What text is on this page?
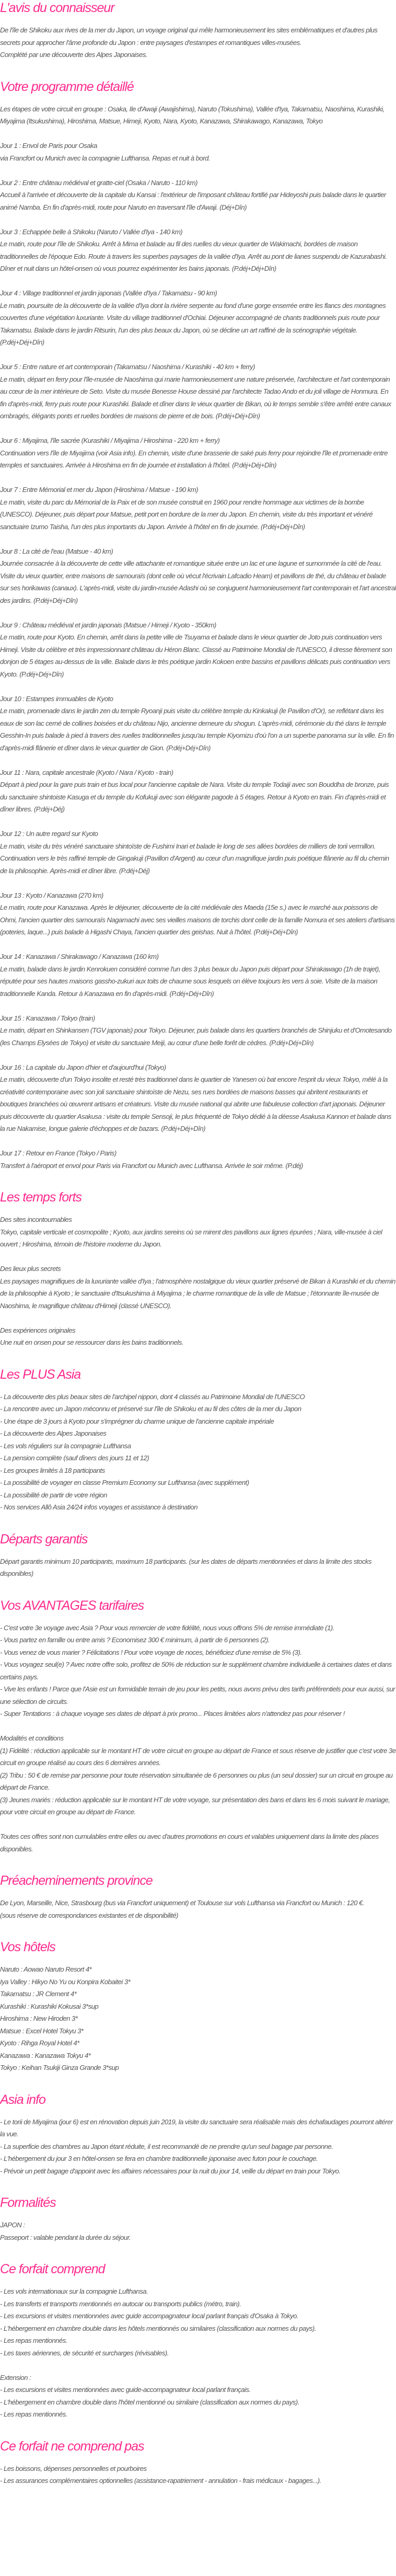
L'avis du connaisseur

De l'île de Shikoku aux rives de la mer du Japon, un voyage original qui mêle harmonieusement les sites emblématiques et d'autres plus secrets pour approcher l'âme profonde du Japon : entre paysages d'estampes et romantiques villes-musées.

Complété par une découverte des Alpes Japonaises.

Votre programme détaillé

Les étapes de votre circuit en groupe : Osaka, Ile d'Awaji (Awajishima), Naruto (Tokushima), Vallée d'Iya, Takamatsu, Naoshima, Kurashiki, Miyajima (Itsukushima), Hiroshima, Matsue, Himeji, Kyoto, Nara, Kyoto, Kanazawa, Shirakawago, Kanazawa, Tokyo

Jour 1 : Envol de Paris pour Osaka

via Francfort ou Munich avec la compagnie Lufthansa. Repas et nuit à bord.

Jour 2 : Entre château médiéval et gratte-ciel (Osaka / Naruto - 110 km)

Accueil à l'arrivée et découverte de la capitale du Kansai : l'extérieur de l'imposant château fortifié par Hideyoshi puis balade dans le quartier animé Namba. En fin d'après-midi, route pour Naruto en traversant l'île d'Awaji. (Déj+Dîn)

Jour 3 : Echappée belle à Shikoku (Naruto / Vallée d'Iya - 140 km)

Le matin, route pour l'île de Shikoku. Arrêt à Mima et balade au fil des ruelles du vieux quartier de Wakimachi, bordées de maison traditionnelles de l'époque Edo. Route à travers les superbes paysages de la vallée d'Iya. Arrêt au pont de lianes suspendu de Kazurabashi. Dîner et nuit dans un hôtel-onsen où vous pourrez expérimenter les bains japonais. (P.déj+Déj+Dîn)

Jour 4 : Village traditionnel et jardin japonais (Vallée d'Iya / Takamatsu - 90 km)

Le matin, poursuite de la découverte de la vallée d'Iya dont la rivière serpente au fond d'une gorge enserrée entre les flancs des montagnes couvertes d'une végétation luxuriante. Visite du village traditionnel d'Ochiai. Déjeuner accompagné de chants traditionnels puis route pour Takamatsu. Balade dans le jardin Ritsurin, l'un des plus beaux du Japon, où se décline un art raffiné de la scénographie végétale. (P.déj+Déj+Dîn)

Jour 5 : Entre nature et art contemporain (Takamatsu / Naoshima / Kurashiki - 40 km + ferry)

Le matin, départ en ferry pour l'île-musée de Naoshima qui marie harmonieusement une nature préservée, l'architecture et l'art contemporain au cœur de la mer intérieure de Seto. Visite du musée Benesse House dessiné par l'architecte Tadao Ando et du joli village de Honmura. En fin d'après-midi, ferry puis route pour Kurashiki. Balade et dîner dans le vieux quartier de Bikan, où le temps semble s'être arrêté entre canaux ombragés, élégants ponts et ruelles bordées de maisons de pierre et de bois. (P.déj+Déj+Dîn)

Jour 6 : Miyajima, l'île sacrée (Kurashiki / Miyajima / Hiroshima - 220 km + ferry)

Continuation vers l'île de Miyajima (voir Asia info). En chemin, visite d'une brasserie de saké puis ferry pour rejoindre l'île et promenade entre temples et sanctuaires. Arrivée à Hiroshima en fin de journée et installation à l'hôtel. (P.déj+Déj+Dîn)

Jour 7 : Entre Mémorial et mer du Japon (Hiroshima / Matsue - 190 km)

Le matin, visite du parc du Mémorial de la Paix et de son musée construit en 1960 pour rendre hommage aux victimes de la bombe (UNESCO). Déjeuner, puis départ pour Matsue, petit port en bordure de la mer du Japon. En chemin, visite du très important et vénéré sanctuaire Izumo Taisha, l'un des plus importants du Japon. Arrivée à l'hôtel en fin de journée. (P.déj+Déj+Dîn)

Jour 8 : La cité de l'eau (Matsue - 40 km)

Journée consacrée à la découverte de cette ville attachante et romantique située entre un lac et une lagune et surnommée la cité de l'eau. Visite du vieux quartier, entre maisons de samouraïs (dont celle où vécut l'écrivain Lafcadio Hearn) et pavillons de thé, du château et balade sur ses horikawas (canaux). L'après-midi, visite du jardin-musée Adashi où se conjuguent harmonieusement l'art contemporain et l'art ancestral des jardins. (P.déj+Déj+Dîn)

Jour 9 : Château médiéval et jardin japonais (Matsue / Himeji / Kyoto - 350km)

Le matin, route pour Kyoto. En chemin, arrêt dans la petite ville de Tsuyama et balade dans le vieux quartier de Joto puis continuation vers Himeji. Visite du célèbre et très impressionnant château du Héron Blanc. Classé au Patrimoine Mondial de l'UNESCO, il dresse fièrement son donjon de 5 étages au-dessus de la ville. Balade dans le très poétique jardin Kokoen entre bassins et pavillons délicats puis continuation vers Kyoto. (P.déj+Déj+Dîn)

Jour 10 : Estampes immuables de Kyoto

Le matin, promenade dans le jardin zen du temple Ryoanji puis visite du célèbre temple du Kinkakuji (le Pavillon d'Or), se reflétant dans les eaux de son lac cerné de collines boisées et du château Nijo, ancienne demeure du shogun. L'après-midi, cérémonie du thé dans le temple Gesshin-In puis balade à pied à travers des ruelles traditionnelles jusqu'au temple Kiyomizu d'où l'on a un superbe panorama sur la ville. En fin d'après-midi flânerie et dîner dans le vieux quartier de Gion. (P.déj+Déj+Dîn)

Jour 11 : Nara, capitale ancestrale (Kyoto / Nara / Kyoto - train)

Départ à pied pour la gare puis train et bus local pour l'ancienne capitale de Nara. Visite du temple Todaiji avec son Bouddha de bronze, puis du sanctuaire shintoiste Kasuga et du temple du Kofukuji avec son élégante pagode à 5 étages. Retour à Kyoto en train. Fin d'après-midi et dîner libres. (P.déj+Déj)

Jour 12 : Un autre regard sur Kyoto

Le matin, visite du très vénéré sanctuaire shintoïste de Fushimi Inari et balade le long de ses allées bordées de milliers de torii vermillon. Continuation vers le très raffiné temple de Gingakuji (Pavillon d'Argent) au cœur d'un magnifique jardin puis poétique flânerie au fil du chemin de la philosophie. Après-midi et dîner libre. (P.déj+Déj)

Jour 13 : Kyoto / Kanazawa (270 km)

Le matin, route pour Kanazawa. Après le déjeuner, découverte de la cité médiévale des Maeda (15e s.) avec le marché aux poissons de Ohmi, l'ancien quartier des samouraïs Nagamachi avec ses vieilles maisons de torchis dont celle de la famille Nomura et ses ateliers d'artisans (poteries, laque...) puis balade à Higashi Chaya, l'ancien quartier des geishas. Nuit à l'hôtel. (P.déj+Déj+Dîn)

Jour 14 : Kanazawa / Shirakawago / Kanazawa (160 km)

Le matin, balade dans le jardin Kenrokuen considéré comme l'un des 3 plus beaux du Japon puis départ pour Shirakawago (1h de trajet), réputée pour ses hautes maisons gassho-zukuri aux toits de chaume sous lesquels on élève toujours les vers à soie. Visite de la maison traditionnelle Kanda. Retour à Kanazawa en fin d'après-midi. (P.déj+Déj+Dîn)

Jour 15 : Kanazawa / Tokyo (train)

Le matin, départ en Shinkansen (TGV japonais) pour Tokyo. Déjeuner, puis balade dans les quartiers branchés de Shinjuku et d'Omotesando (les Champs Elysées de Tokyo) et visite du sanctuaire Meiji, au cœur d'une belle forêt de cèdres. (P.déj+Déj+Dîn)

Jour 16 : La capitale du Japon d'hier et d'aujourd'hui (Tokyo)

Le matin, découverte d'un Tokyo insolite et resté très traditionnel dans le quartier de Yanesen où bat encore l'esprit du vieux Tokyo, mêlé à la créativité contemporaine avec son joli sanctuaire shintoïste de Nezu, ses rues bordées de maisons basses qui abritent restaurants et boutiques branchées où œuvrent artisans et créateurs. Visite du musée national qui abrite une fabuleuse collection d'art japonais. Déjeuner puis découverte du quartier Asakusa : visite du temple Sensoji, le plus fréquenté de Tokyo dédié à la déesse Asakusa Kannon et balade dans la rue Nakamise, longue galerie d'échoppes et de bazars. (P.déj+Déj+Dîn)

Jour 17 : Retour en France (Tokyo / Paris)

Transfert à l'aéroport et envol pour Paris via Francfort ou Munich avec Lufthansa. Arrivée le soir même. (P.déj)

Les temps forts

Des sites incontournables

Tokyo, capitale verticale et cosmopolite ; Kyoto, aux jardins sereins où se mirent des pavillons aux lignes épurées ; Nara, ville-musée à ciel ouvert ; Hiroshima, témoin de l'histoire moderne du Japon.

Des lieux plus secrets

Les paysages magnifiques de la luxuriante vallée d'Iya ; l'atmosphère nostalgique du vieux quartier préservé de Bikan à Kurashiki et du chemin de la philosophie à Kyoto ; le sanctuaire d'Itsukushima à Miyajima ; le charme romantique de la ville de Matsue ; l'étonnante île-musée de Naoshima, le magnifique château d'Himeji (classé UNESCO).

Des expériences originales

Une nuit en onsen pour se ressourcer dans les bains traditionnels.

Les PLUS Asia

- La découverte des plus beaux sites de l'archipel nippon, dont 4 classés au Patrimoine Mondial de l'UNESCO

- La rencontre avec un Japon méconnu et préservé sur l'île de Shikoku et au fil des côtes de la mer du Japon

- Une étape de 3 jours à Kyoto pour s'imprégner du charme unique de l'ancienne capitale impériale

- La découverte des Alpes Japonaises

- Les vols réguliers sur la compagnie Lufthansa

- La pension complète (sauf dîners des jours 11 et 12)

- Les groupes limités à 18 participants

- La possibilité de voyager en classe Premium Economy sur Lufthansa (avec supplément)

- La possibilité de partir de votre région

- Nos services Allô Asia 24/24 infos voyages et assistance à destination

Départs garantis

Départ garantis minimum 10 participants, maximum 18 participants. (sur les dates de départs mentionnées et dans la limite des stocks disponibles)

Vos AVANTAGES tarifaires

- C'est votre 3e voyage avec Asia ? Pour vous remercier de votre fidélité, nous vous offrons 5% de remise immédiate (1).

- Vous partez en famille ou entre amis ? Economisez 300 € minimum, à partir de 6 personnes (2).

- Vous venez de vous marier ? Félicitations ! Pour votre voyage de noces, bénéficiez d'une remise de 5% (3).

- Vous voyagez seul(e) ? Avec notre offre solo, profitez de 50% de réduction sur le supplément chambre individuelle à certaines dates et dans certains pays.

- Vive les enfants ! Parce que l'Asie est un formidable terrain de jeu pour les petits, nous avons prévu des tarifs préférentiels pour eux aussi, sur une sélection de circuits.

- Super Tentations : à chaque voyage ses dates de départ à prix promo... Places limitées alors n'attendez pas pour réserver !

Modalités et conditions

(1) Fidélité : réduction applicable sur le montant HT de votre circuit en groupe au départ de France et sous réserve de justifier que c'est votre 3e circuit en groupe réalisé au cours des 6 dernières années.

(2) Tribu : 50 € de remise par personne pour toute réservation simultanée de 6 personnes ou plus (un seul dossier) sur un circuit en groupe au départ de France.

(3) Jeunes mariés : réduction applicable sur le montant HT de votre voyage, sur présentation des bans et dans les 6 mois suivant le mariage, pour votre circuit en groupe au départ de France.

Toutes ces offres sont non cumulables entre elles ou avec d'autres promotions en cours et valables uniquement dans la limite des places disponibles.

Préacheminements province

De Lyon, Marseille, Nice, Strasbourg (bus via Francfort uniquement) et Toulouse sur vols Lufthansa via Francfort ou Munich : 120 €.

(sous réserve de correspondances existantes et de disponibilité)

Vos hôtels

Naruto : Aowao Naruto Resort 4*

Iya Valley : Hikyo No Yu ou Konpira Kobaitei 3*

Takamatsu : JR Clement 4*

Kurashiki : Kurashiki Kokusai 3*sup

Hiroshima : New Hiroden 3*

Matsue : Excel Hotel Tokyu 3*

Kyoto : Rihga Royal Hotel 4*

Kanazawa : Kanazawa Tokyu 4*

Tokyo : Keihan Tsukiji Ginza Grande 3*sup

Asia info

- Le torii de Miyajima (jour 6) est en rénovation depuis juin 2019, la visite du sanctuaire sera réalisable mais des échafaudages pourront altérer la vue.

- La superficie des chambres au Japon étant réduite, il est recommandé de ne prendre qu'un seul bagage par personne.

- L'hébergement du jour 3 en hôtel-onsen se fera en chambre traditionnelle japonaise avec futon pour le couchage.

- Prévoir un petit bagage d'appoint avec les affaires nécessaires pour la nuit du jour 14, veille du départ en train pour Tokyo.

Formalités

JAPON :

Passeport : valable pendant la durée du séjour.

Ce forfait comprend

- Les vols internationaux sur la compagnie Lufthansa.

- Les transferts et transports mentionnés en autocar ou transports publics (métro, train).

- Les excursions et visites mentionnées avec guide accompagnateur local parlant français d'Osaka à Tokyo.

- L'hébergement en chambre double dans les hôtels mentionnés ou similaires (classification aux normes du pays).

- Les repas mentionnés.

- Les taxes aériennes, de sécurité et surcharges (révisables).

Extension :

- Les excursions et visites mentionnées avec guide-accompagnateur local parlant français.

- L'hébergement en chambre double dans l'hôtel mentionné ou similaire (classification aux normes du pays).

- Les repas mentionnés.

Ce forfait ne comprend pas

- Les boissons, dépenses personnelles et pourboires

- Les assurances complémentaires optionnelles (assistance-rapatriement - annulation - frais médicaux - bagages...).
